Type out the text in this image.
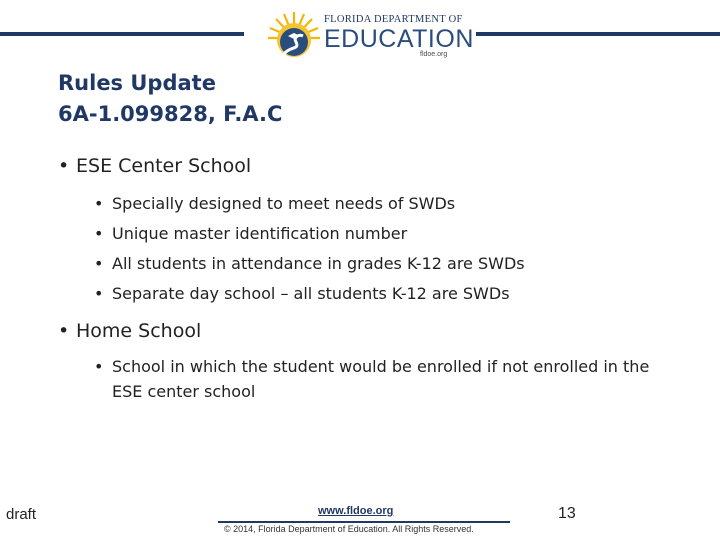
FLORIDA DEPARTMENT OF
EDUCATION
fldoe.org
Rules Update
6A-1.099828, F.A.C
• ESE Center School
• Specially designed to meet needs of SWDs
• Unique master identification number
• All students in attendance in grades K-12 are SWDs
• Separate day school – all students K-12 are SWDs
• Home School
• School in which the student would be enrolled if not enrolled in the ESE center school
draft	www.fldoe.org
© 2014, Florida Department of Education. All Rights Reserved.
13
